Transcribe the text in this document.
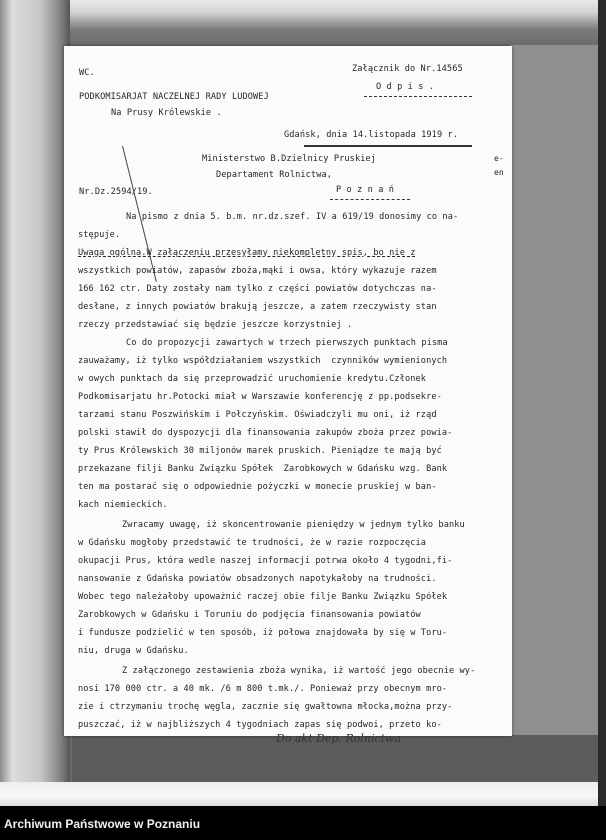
WC.
PODKOMISARJAT NACZELNEJ RADY LUDOWEJ
Na Prusy Królewskie .
Załącznik do Nr.14565
O d p i s .
Gdańsk, dnia 14.listopada 1919 r.
Ministerstwo B.Dzielnicy Pruskiej
Departament Rolnictwa,
Nr.Dz.2594/19.	P o z n a ń
Na pismo z dnia 5. b.m. nr.dz.szef. IV a 619/19 donosimy co na-
stępuje.
Uwaga ogólna.W załączeniu przesyłamy niekompletny spis, bo nie z
wszystkich powiatów, zapasów zboża,mąki i owsa, który wykazuje razem
166 162 ctr. Daty zostały nam tylko z części powiatów dotychczas na-
desłane, z innych powiatów brakują jeszcze, a zatem rzeczywisty stan
rzeczy przedstawiać się będzie jeszcze korzystniej .
Co do propozycji zawartych w trzech pierwszych punktach pisma
zauważamy, iż tylko współdziałaniem wszystkich  czynników wymienionych
w owych punktach da się przeprowadzić uruchomienie kredytu.Członek
Podkomisarjatu hr.Potocki miał w Warszawie konferencję z pp.podsekre-
tarzami stanu Poszwińskim i Połczyńskim. Oświadczyli mu oni, iż rząd
polski stawił do dyspozycji dla finansowania zakupów zboża przez powia-
ty Prus Królewskich 30 miljonów marek pruskich. Pieniądze te mają być
przekazane filji Banku Związku Spółek  Zarobkowych w Gdańsku wzg. Bank
ten ma postarać się o odpowiednie pożyczki w monecie pruskiej w ban-
kach niemieckich.
Zwracamy uwagę, iż skoncentrowanie pieniędzy w jednym tylko banku
w Gdańsku mogłoby przedstawić te trudności, że w razie rozpoczęcia
okupacji Prus, która wedle naszej informacji potrwa około 4 tygodni,fi-
nansowanie z Gdańska powiatów obsadzonych napotykałoby na trudności.
Wobec tego należałoby upoważnić raczej obie filje Banku Związku Spółek
Zarobkowych w Gdańsku i Toruniu do podjęcia finansowania powiatów
i fundusze podzielić w ten sposób, iż połowa znajdowała by się w Toru-
niu, druga w Gdańsku.
Z załączonego zestawienia zboża wynika, iż wartość jego obecnie wy-
nosi 170 000 ctr. a 40 mk. /6 m 800 t.mk./. Ponieważ przy obecnym mro-
zie i ctrzymaniu trochę węgla, zacznie się gwałtowna młocka,można przy-
puszczać, iż w najbliższych 4 tygodniach zapas się podwoi, przeto ko-
Do akt Dep. Rolnictwa
e-
en
Archiwum Państwowe w Poznaniu
